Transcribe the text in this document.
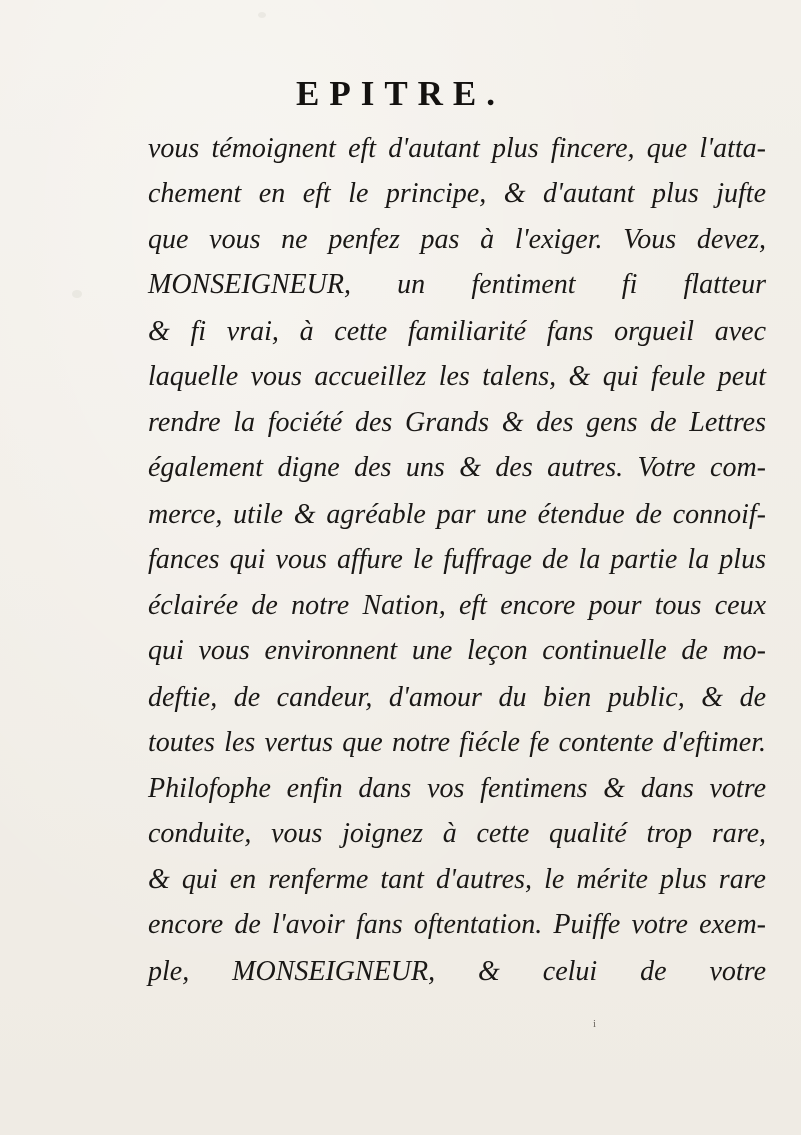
EPITRE.
vous témoignent eft d'autant plus fincere, que l'atta-
chement en eft le principe, & d'autant plus jufte
que vous ne penfez pas à l'exiger. Vous devez,
MONSEIGNEUR, un fentiment fi flatteur
& fi vrai, à cette familiarité fans orgueil avec
laquelle vous accueillez les talens, & qui feule peut
rendre la fociété des Grands & des gens de Lettres
également digne des uns & des autres. Votre com-
merce, utile & agréable par une étendue de connoif-
fances qui vous affure le fuffrage de la partie la plus
éclairée de notre Nation, eft encore pour tous ceux
qui vous environnent une leçon continuelle de mo-
deftie, de candeur, d'amour du bien public, & de
toutes les vertus que notre fiécle fe contente d'eftimer.
Philofophe enfin dans vos fentimens & dans votre
conduite, vous joignez à cette qualité trop rare,
& qui en renferme tant d'autres, le mérite plus rare
encore de l'avoir fans oftentation. Puiffe votre exem-
ple, MONSEIGNEUR, & celui de votre
i
